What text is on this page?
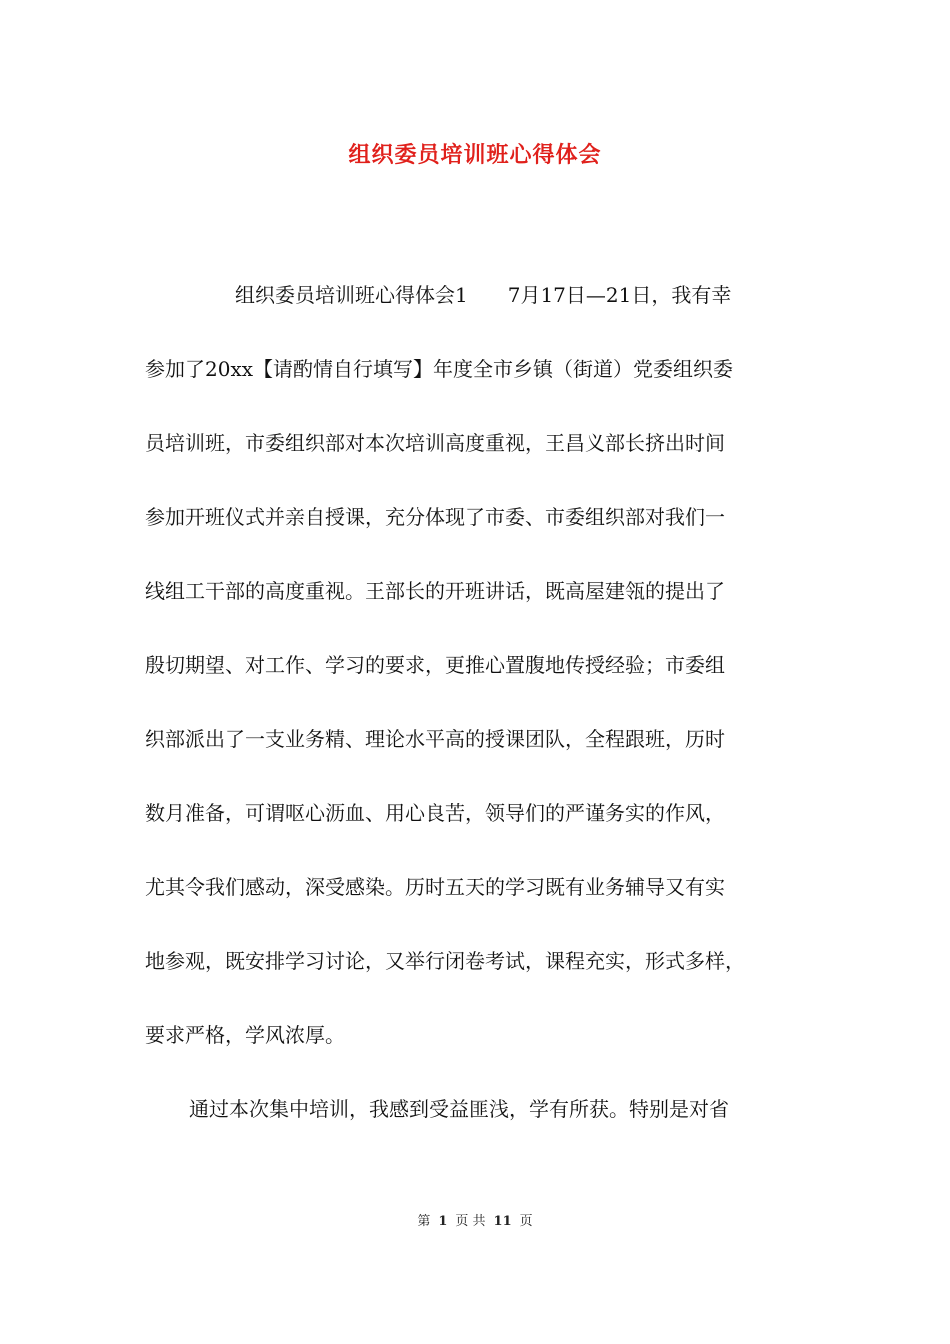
组织委员培训班心得体会
组织委员培训班心得体会1　　7月17日—21日，我有幸
参加了20xx【请酌情自行填写】年度全市乡镇（街道）党委组织委
员培训班，市委组织部对本次培训高度重视，王昌义部长挤出时间
参加开班仪式并亲自授课，充分体现了市委、市委组织部对我们一
线组工干部的高度重视。王部长的开班讲话，既高屋建瓴的提出了
殷切期望、对工作、学习的要求，更推心置腹地传授经验；市委组
织部派出了一支业务精、理论水平高的授课团队，全程跟班，历时
数月准备，可谓呕心沥血、用心良苦，领导们的严谨务实的作风，
尤其令我们感动，深受感染。历时五天的学习既有业务辅导又有实
地参观，既安排学习讨论，又举行闭卷考试，课程充实，形式多样，
要求严格，学风浓厚。
通过本次集中培训，我感到受益匪浅，学有所获。特别是对省
第 1 页 共 11 页
